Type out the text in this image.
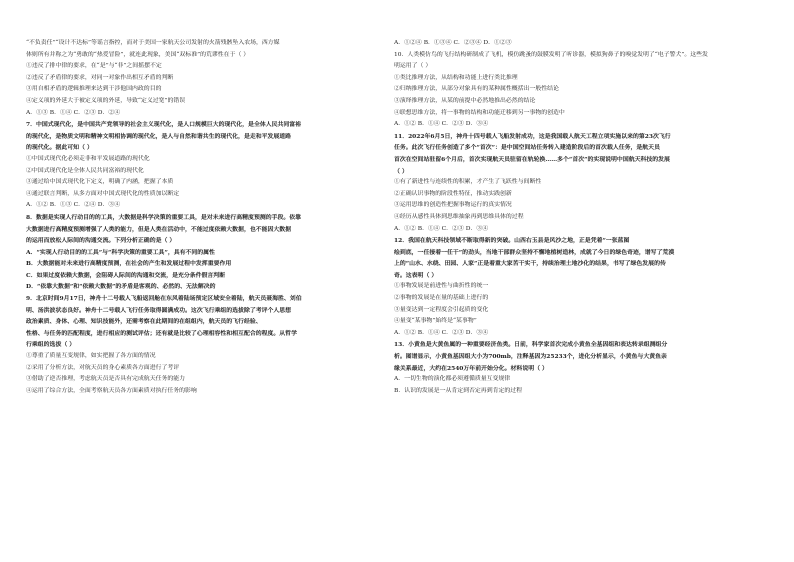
“不负责任”“设计不达标”等谣言指控，而对于美国一家航天公司发射的火箭残骸坠入农场，西方媒
体则所有并称之为“勇敢的“热爱冒险”，就连此现象，美国“双标准”的荒谬性在于（ ）
①违反了排中律的要求，在“是”与“非”之间摇摆不定
②违反了矛盾律的要求，对同一对象作出相互矛盾的判断
③用自相矛盾的逻辑推理来达到干涉他国内政的目的
④定义项的外延大于被定义项的外延，导致“定义过宽”的错误
A．①③ B．①④ C．②③ D．②④
7．中国式现代化，是中国共产党领导的社会主义现代化，是人口规模巨大的现代化，是全体人民共同富裕
的现代化，是物质文明和精神文明相协调的现代化，是人与自然和谐共生的现代化，是走和平发展道路
的现代化。据此可知（ ）
①中国式现代化必须走非和平发展道路的现代化
②中国式现代化是全体人民共同富裕的现代化
③通过给中国式现代化下定义，明确了内涵，把握了本质
④通过联言判断，从多方面对中国式现代化的性质加以断定
A．①② B．①③ C．②④ D．③④
8．数据是实现人行动目的的工具，大数据是科学决策的重要工具，是对未来进行高精度预测的手段。依靠
大数据进行高精度预测增强了人类的能力，但是人类在活动中，不能过度依赖大数据，也不能因大数据
的运用而放松人际间的沟通交流。下列分析正确的是（ ）
A．“实现人行动目的的工具”与“科学决策的重要工具”，具有不同的属性
B．大数据能对未来进行高精度预测，在社会的产生和发展过程中发挥重要作用
C．如果过度依赖大数据，会阻碍人际间的沟通和交流，是充分条件假言判断
D．“依靠大数据”和“依赖大数据”的矛盾是客观的、必然的、无法解决的
9．北京时间9月17日，神舟十二号载人飞船返回舱在东风着陆场预定区域安全着陆，航天员聂海胜、刘伯
明、汤洪波状态良好。神舟十二号载人飞行任务取得圆满成功。这次飞行乘组的选拔除了考评个人思想
政治素质、身体、心理、知识技能外，还需考察在此期间的在组组内，航天员的飞行经验、
性格、与任务的匹配程度，进行相应的测试评估；还有就是比较了心理相容性和相互配合的程度。从哲学
行乘组的选拔（ ）
①尊重了质量互变规律，如实把握了各方面的情况
②采用了分析方法，对航天员的身心素质各方面进行了考评
③借助了逆否推理，考虑航天员是否具有完成航天任务的能力
④运用了综合方法，全面考察航天员各方面素质对执行任务的影响
A．①②④ B．①③④ C．②③④ D．①②③
10．人类模仿鸟的飞行结构研制成了飞机，模仿跳蚤的鼓膜发明了听诊器，模拟狗鼻子的嗅觉发明了“电子警犬”。这些发
明运用了（ ）
①类比推理方法，从结构和功能上进行类比推理
②归纳推理方法，从部分对象具有的某种属性概括出一般性结论
③演绎推理方法，从某的前提中必然地推出必然的结论
④联想思维方法，将一事物的结构和功能迁移到另一事物的创造中
A．①② B．①④ C．②③ D．③④
11．2022年6月5日，神舟十四号载人飞船发射成功，这是我国载人航天工程立项实施以来的第23次飞行
任务。此次飞行任务创造了多个“首次”：是中国空间站任务转入建造阶段后的首次载人任务，是航天员
首次在空间站驻留6个月后，首次实现航天员驻留在轨轮换……多个“首次”的实现说明中国航天科技的发展
（ ）
①有了新进性与连续性的积累，才产生了飞跃性与间断性
②正确认识事物的阶段性特征，推动实践创新
③运用思维的创造性把握事物运行的真实情况
④经历从感性具体到思维抽象再到思维具体的过程
A．①② B．①④ C．②③ D．③④
12．我国在航天科技领域不断取得新的突破。山西右玉县是风沙之地，正是凭着“一张蓝图
绘到底，一任接着一任干”的劲头，当地干部群众坚持不懈地植树造林，成就了今日的绿色奇迹，谱写了荒漠
上的“山水、水绕、田园、人家”正是着重大家苦干实干，持续治理土地沙化的结果，书写了绿色发展的传
奇。这表明（ ）
①事物发展是前进性与曲折性的统一
②事物的发展是在量的基础上进行的
③量变达到一定程度会引起质的变化
④量变“某事物”始终是“某事物”
A．①② B．①④ C．②③ D．③④
13．小黄鱼是大黄鱼属的一种重要经济鱼类。日前，科学家首次完成小黄鱼全基因组和表达转录组测组分
析。图谱显示，小黄鱼基因组大小为700mb，注释基因为25233个，进化分析显示，小黄鱼与大黄鱼亲
缘关系最近，大约在2540万年前开始分化。材料说明（ ）
A．一切生物的演化都必须遵循质量互变规律
B．认识的发展是一从肯定到否定再到肯定的过程
